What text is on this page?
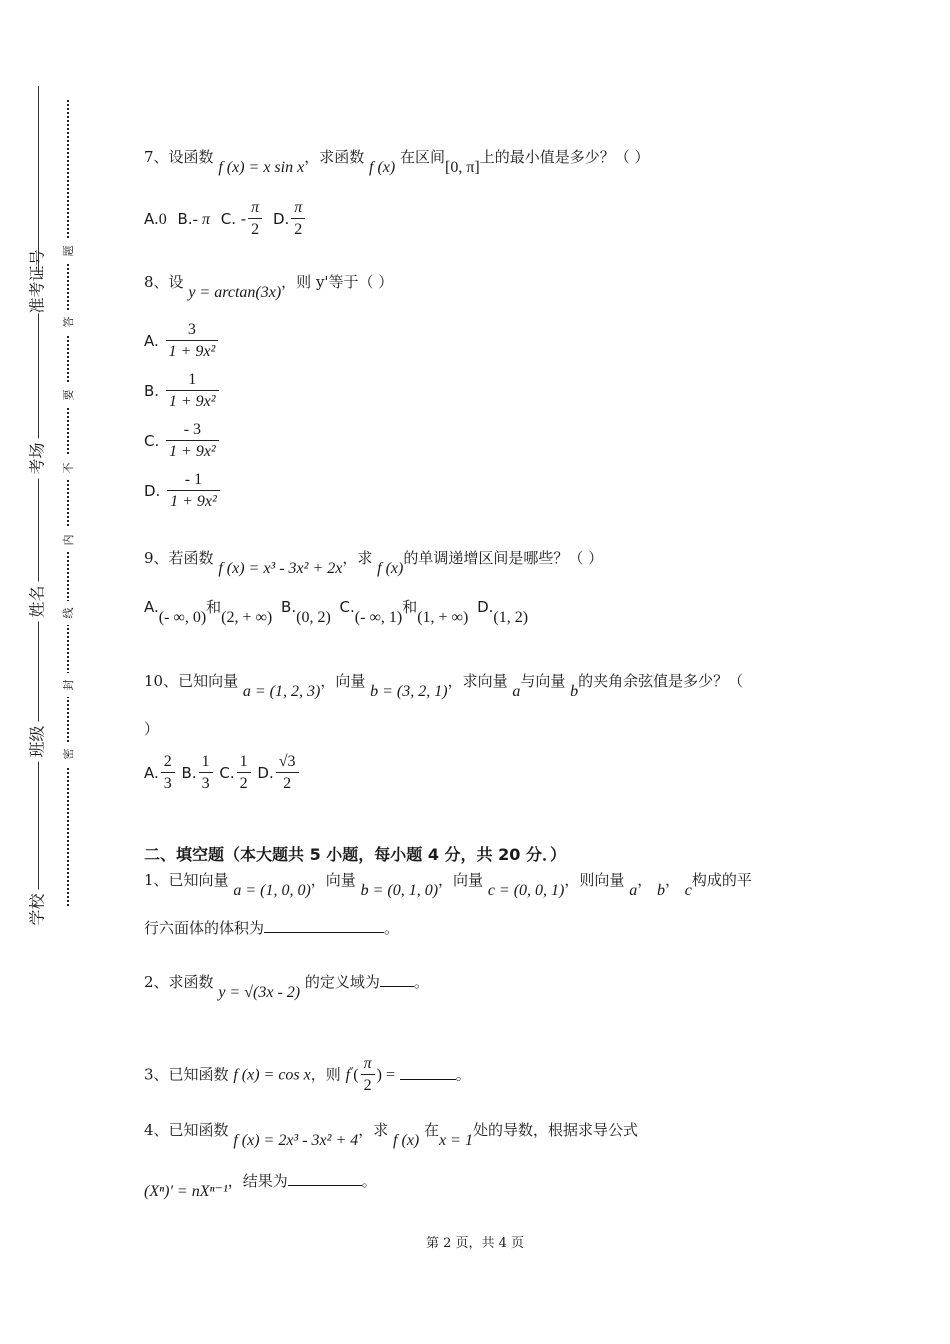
准考证号
考场
姓名
班级
学校
题
答
要
不
内
线
封
密
7、设函数 f (x) = x sin x，求函数 f (x) 在区间[0, π]上的最小值是多少？（ ）
A.0 B.- π C. - $\frac{\pi}{2} D$. $\frac{\pi}{2}$
8、设 y = arctan(3x)，则 y'等于（ ）
A. $\frac{3}{\text{1 + 9x²}}$
B. $\frac{1}{\text{1 + 9x²}}$
C. $\frac{- 3}{\text{1 + 9x²}}$
D. $\frac{- 1}{\text{1 + 9x²}}$
9、若函数 f (x) = x³ - 3x² + 2x，求 f (x)的单调递增区间是哪些？（ ）
A.(- ∞, 0)和(2, + ∞) B.(0, 2) C.(- ∞, 1)和(1, + ∞) D.(1, 2)
10、已知向量 a = (1, 2, 3)，向量 b = (3, 2, 1)，求向量 a与向量 b的夹角余弦值是多少？（
）
A. $\frac{2}{3} B$. $\frac{1}{3} C$. $\frac{1}{2} D$. $\frac{√3}{2}$
二、填空题（本大题共 5 小题，每小题 4 分，共 20 分．）
1、已知向量 a = (1, 0, 0)，向量 b = (0, 1, 0)，向量 c = (0, 0, 1)，则向量 a， b， c构成的平
行六面体的体积为	。
2、求函数 y = √(3x - 2) 的定义域为 。
3、已知函数 f (x) = cos x，则 $f''( \frac{\pi}{2}$ ) =	。
4、已知函数 f (x) = 2x³ - 3x² + 4，求 f (x) 在x = 1处的导数，根据求导公式
(Xⁿ)' = nXⁿ⁻¹，结果为	。
第 2 页，共 4 页
